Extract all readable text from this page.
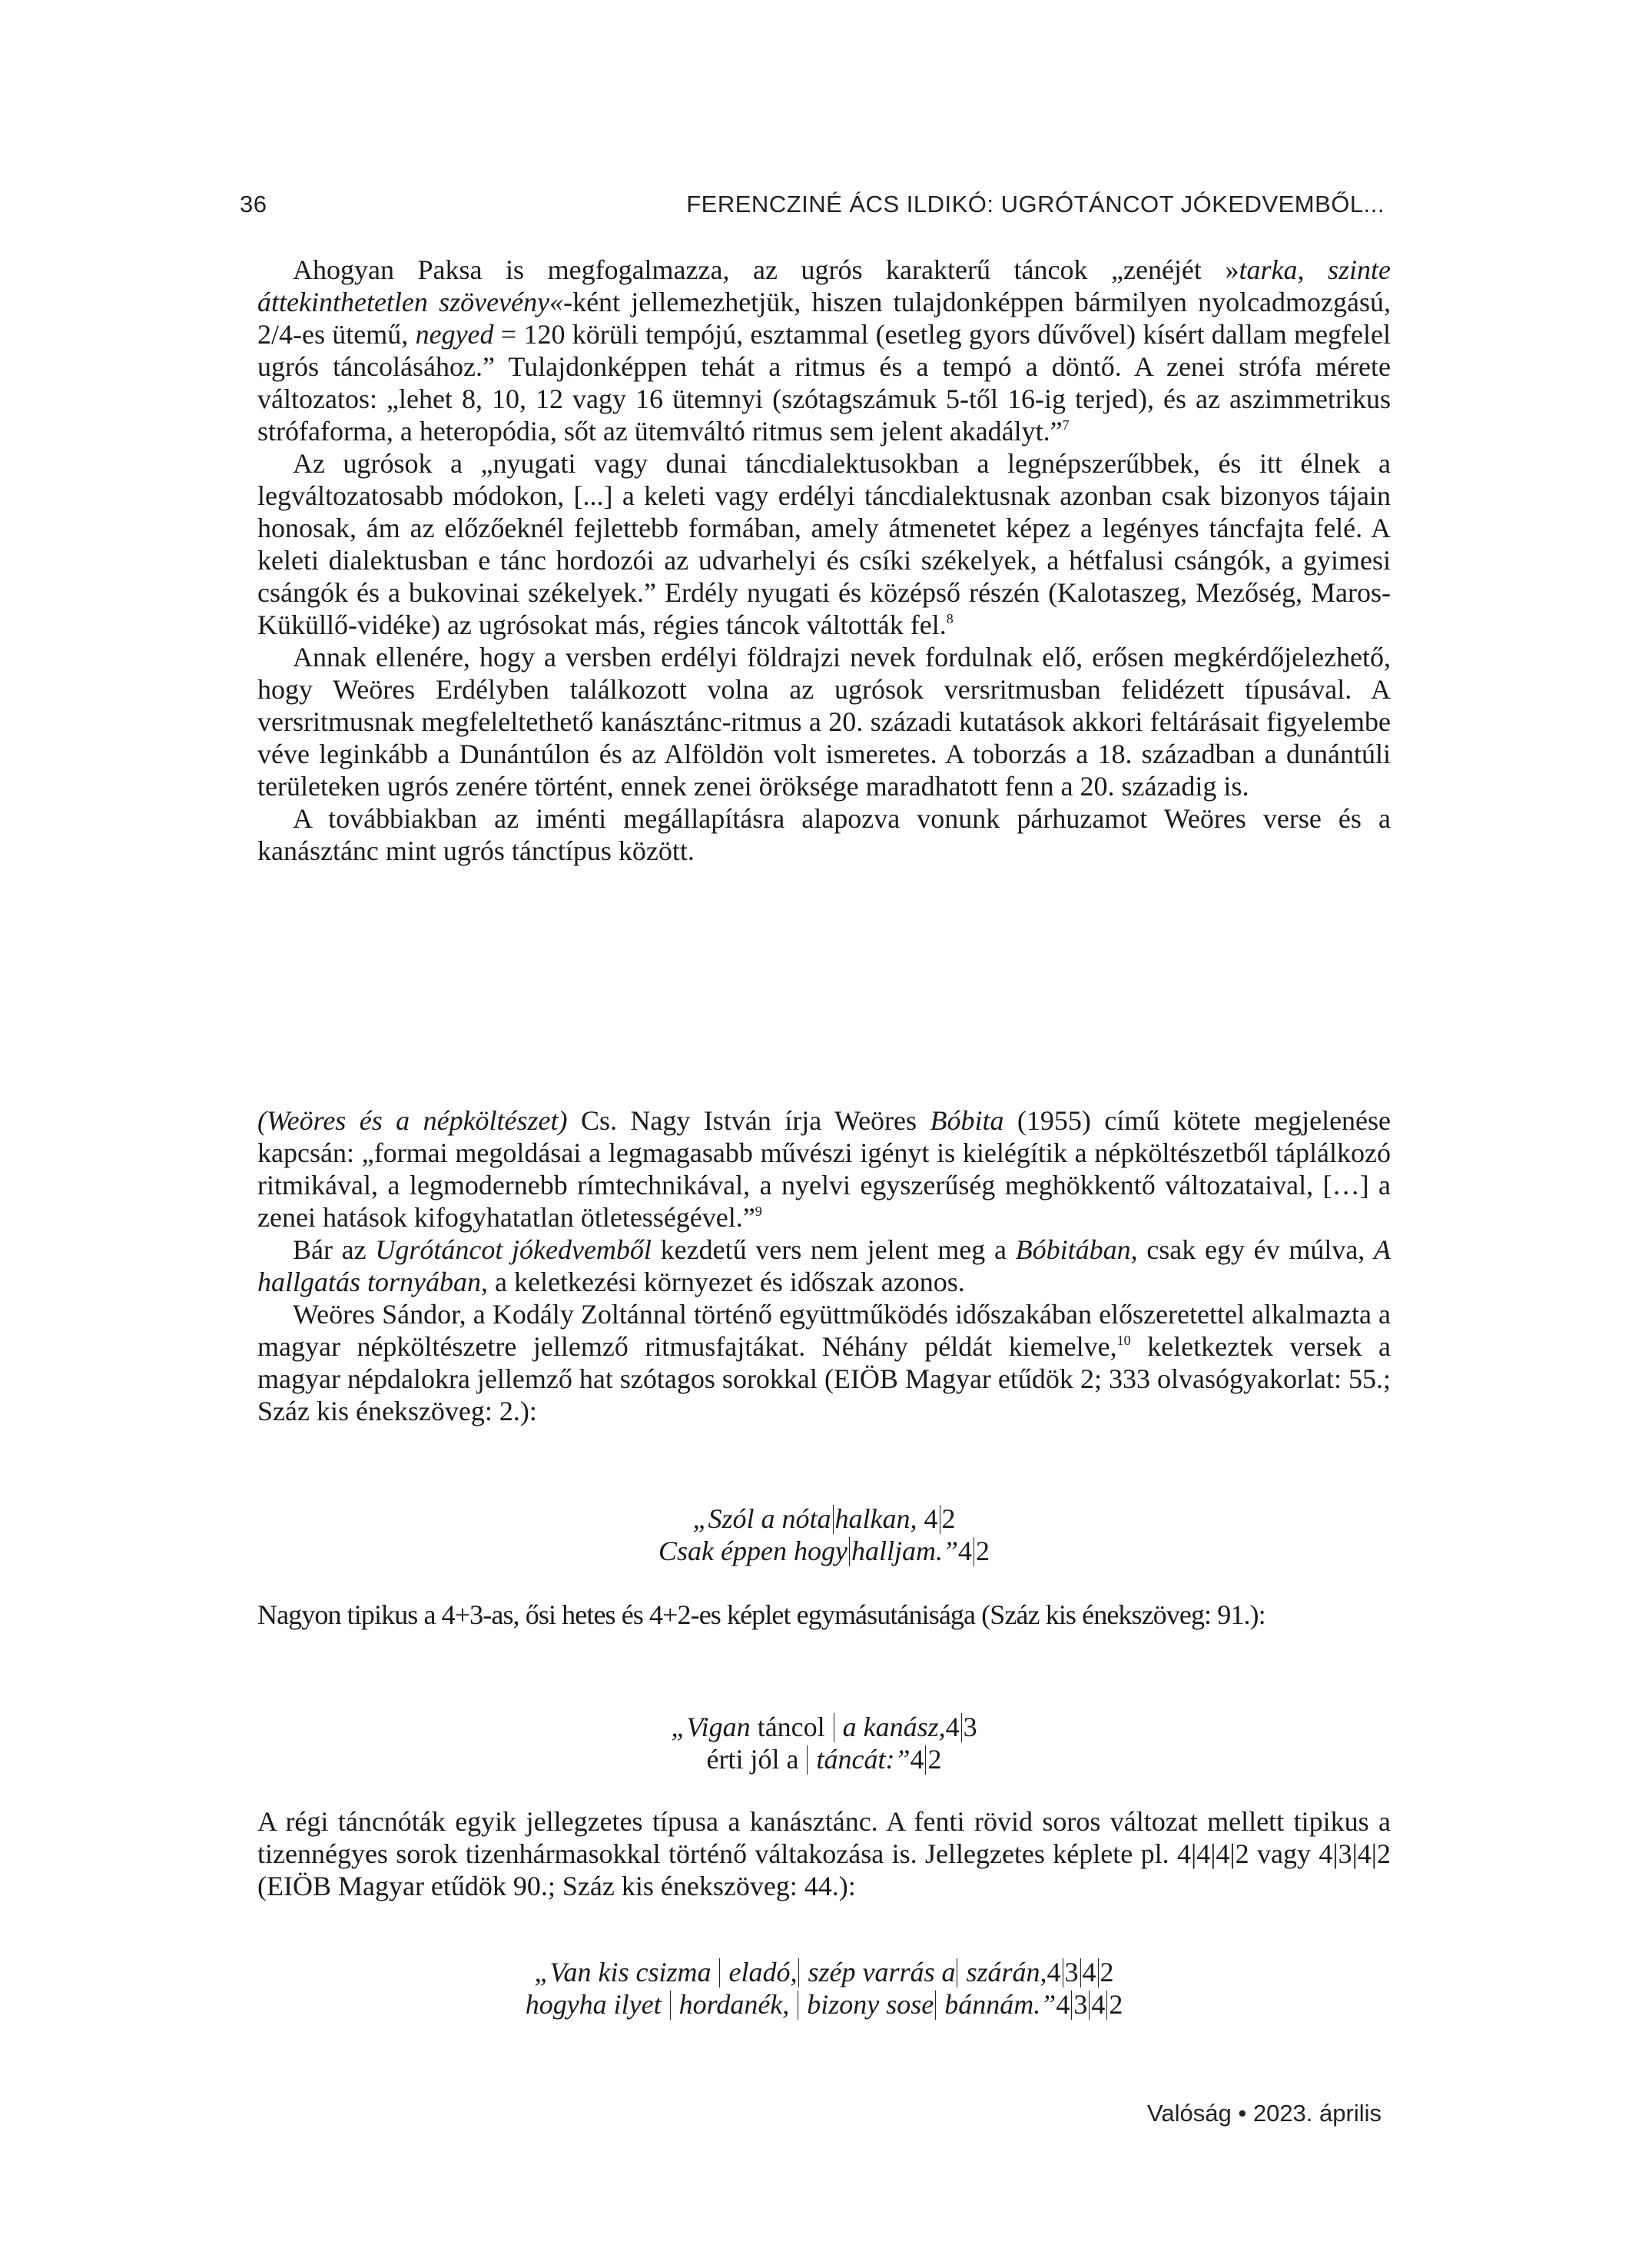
36	FERENCZINÉ ÁCS ILDIKÓ: UGRÓTÁNCOT JÓKEDVEMBŐL...

Ahogyan Paksa is megfogalmazza, az ugrós karakterű táncok „zenéjét »tarka, szinte áttekinthetetlen szövevény«-ként jellemezhetjük, hiszen tulajdonképpen bármilyen nyolcadmozgású, 2/4-es ütemű, negyed = 120 körüli tempójú, esztammal (esetleg gyors dűvővel) kísért dallam megfelel ugrós táncolásához.” Tulajdonképpen tehát a ritmus és a tempó a döntő. A zenei strófa mérete változatos: „lehet 8, 10, 12 vagy 16 ütemnyi (szótagszámuk 5-től 16-ig terjed), és az aszimmetrikus strófaforma, a heteropódia, sőt az ütemváltó ritmus sem jelent akadályt.”$^7$

Az ugrósok a „nyugati vagy dunai táncdialektusokban a legnépszerűbbek, és itt élnek a legváltozatosabb módokon, [...] a keleti vagy erdélyi táncdialektusnak azonban csak bizonyos tájain honosak, ám az előzőeknél fejlettebb formában, amely átmenetet képez a legényes táncfajta felé. A keleti dialektusban e tánc hordozói az udvarhelyi és csíki székelyek, a hétfalusi csángók, a gyimesi csángók és a bukovinai székelyek.” Erdély nyugati és középső részén (Kalotaszeg, Mezőség, Maros-Küküllő-vidéke) az ugrósokat más, régies táncok váltották fel.$^8$

Annak ellenére, hogy a versben erdélyi földrajzi nevek fordulnak elő, erősen megkérdőjelezhető, hogy Weöres Erdélyben találkozott volna az ugrósok versritmusban felidézett típusával. A versritmusnak megfeleltethető kanásztánc-ritmus a 20. századi kutatások akkori feltárásait figyelembe véve leginkább a Dunántúlon és az Alföldön volt ismeretes. A toborzás a 18. században a dunántúli területeken ugrós zenére történt, ennek zenei öröksége maradhatott fenn a 20. századig is.

A továbbiakban az iménti megállapításra alapozva vonunk párhuzamot Weöres verse és a kanásztánc mint ugrós tánctípus között.

(Weöres és a népköltészet) Cs. Nagy István írja Weöres Bóbita (1955) című kötete megjelenése kapcsán: „formai megoldásai a legmagasabb művészi igényt is kielégítik a népköltészetből táplálkozó ritmikával, a legmodernebb rímtechnikával, a nyelvi egyszerűség meghökkentő változataival, […] a zenei hatások kifogyhatatlan ötletességével.”$^9$

Bár az Ugrótáncot jókedvemből kezdetű vers nem jelent meg a Bóbitában, csak egy év múlva, A hallgatás tornyában, a keletkezési környezet és időszak azonos.

Weöres Sándor, a Kodály Zoltánnal történő együttműködés időszakában előszeretettel alkalmazta a magyar népköltészetre jellemző ritmusfajtákat. Néhány példát kiemelve,$^{10}$ keletkeztek versek a magyar népdalokra jellemző hat szótagos sorokkal (EIÖB Magyar etűdök 2; 333 olvasógyakorlat: 55.; Száz kis énekszöveg: 2.):

„Szól a nóta halkan, 4 2
Csak éppen hogy halljam.”4 2

Nagyon tipikus a 4+3-as, ősi hetes és 4+2-es képlet egymásutánisága (Száz kis énekszöveg: 91.):

„Vigan táncol  a kanász,4 3
érti jól a  táncát:”4 2

A régi táncnóták egyik jellegzetes típusa a kanásztánc. A fenti rövid soros változat mellett tipikus a tizennégyes sorok tizenhármasokkal történő váltakozása is. Jellegzetes képlete pl. 4|4|4|2 vagy 4|3|4|2 (EIÖB Magyar etűdök 90.; Száz kis énekszöveg: 44.):

„Van kis csizma  eladó, szép varrás a szárán,4 3 4 2
hogyha ilyet  hordanék,  bizony sose bánnám.”4 3 4 2
Valóság • 2023. április
